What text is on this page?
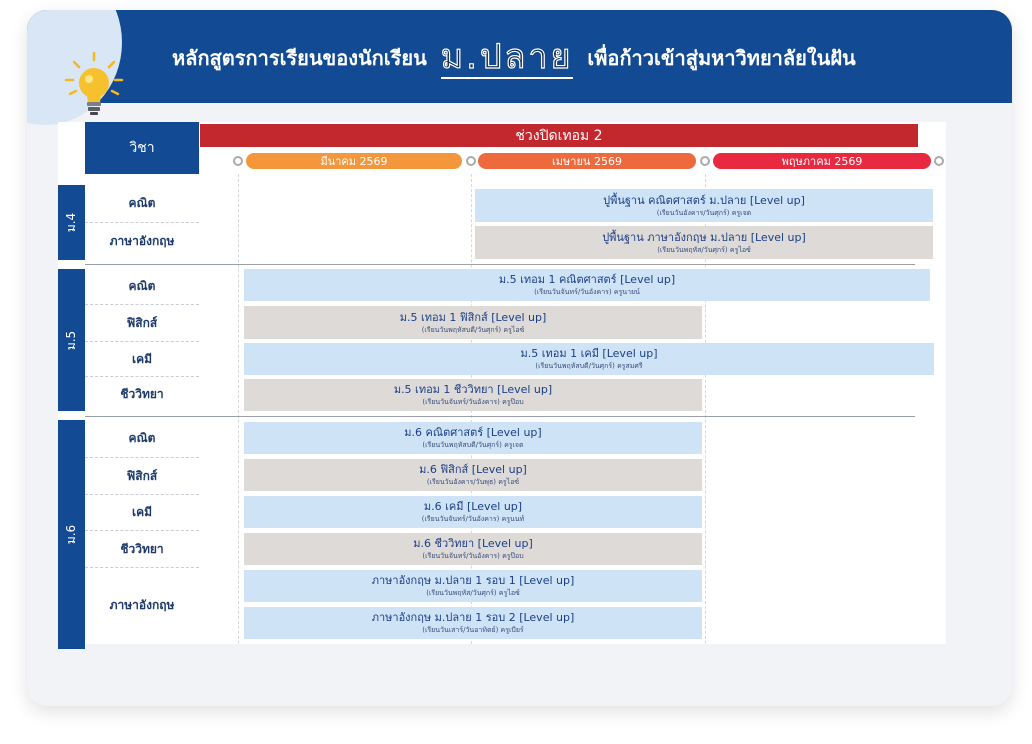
หลักสูตรการเรียนของนักเรียน ม.ปลาย เพื่อก้าวเข้าสู่มหาวิทยาลัยในฝัน
วิชา
ช่วงปิดเทอม 2
มีนาคม 2569	เมษายน 2569	พฤษภาคม 2569
ม.4
คณิต
ภาษาอังกฤษ
ปูพื้นฐาน คณิตศาสตร์ ม.ปลาย [Level up]
(เรียนวันอังคาร/วันศุกร์) ครูเจต
ปูพื้นฐาน ภาษาอังกฤษ ม.ปลาย [Level up]
(เรียนวันพฤหัส/วันศุกร์) ครูไอซ์
ม.5
คณิต
ฟิสิกส์
เคมี
ชีววิทยา
ม.5 เทอม 1 คณิตศาสตร์ [Level up]
(เรียนวันจันทร์/วันอังคาร) ครูนายน์
ม.5 เทอม 1 ฟิสิกส์ [Level up]
(เรียนวันพฤหัสบดี/วันศุกร์) ครูไอซ์
ม.5 เทอม 1 เคมี [Level up]
(เรียนวันพฤหัสบดี/วันศุกร์) ครูสมศรี
ม.5 เทอม 1 ชีววิทยา [Level up]
(เรียนวันจันทร์/วันอังคาร) ครูป๊อบ
ม.6
คณิต
ฟิสิกส์
เคมี
ชีววิทยา
ภาษาอังกฤษ
ม.6 คณิตศาสตร์ [Level up]
(เรียนวันพฤหัสบดี/วันศุกร์) ครูเจต
ม.6 ฟิสิกส์ [Level up]
(เรียนวันอังคาร/วันพุธ) ครูไอซ์
ม.6 เคมี [Level up]
(เรียนวันจันทร์/วันอังคาร) ครูนนท์
ม.6 ชีววิทยา [Level up]
(เรียนวันจันทร์/วันอังคาร) ครูป๊อบ
ภาษาอังกฤษ ม.ปลาย 1 รอบ 1 [Level up]
(เรียนวันพฤหัส/วันศุกร์) ครูไอซ์
ภาษาอังกฤษ ม.ปลาย 1 รอบ 2 [Level up]
(เรียนวันเสาร์/วันอาทิตย์) ครูเบียร์
